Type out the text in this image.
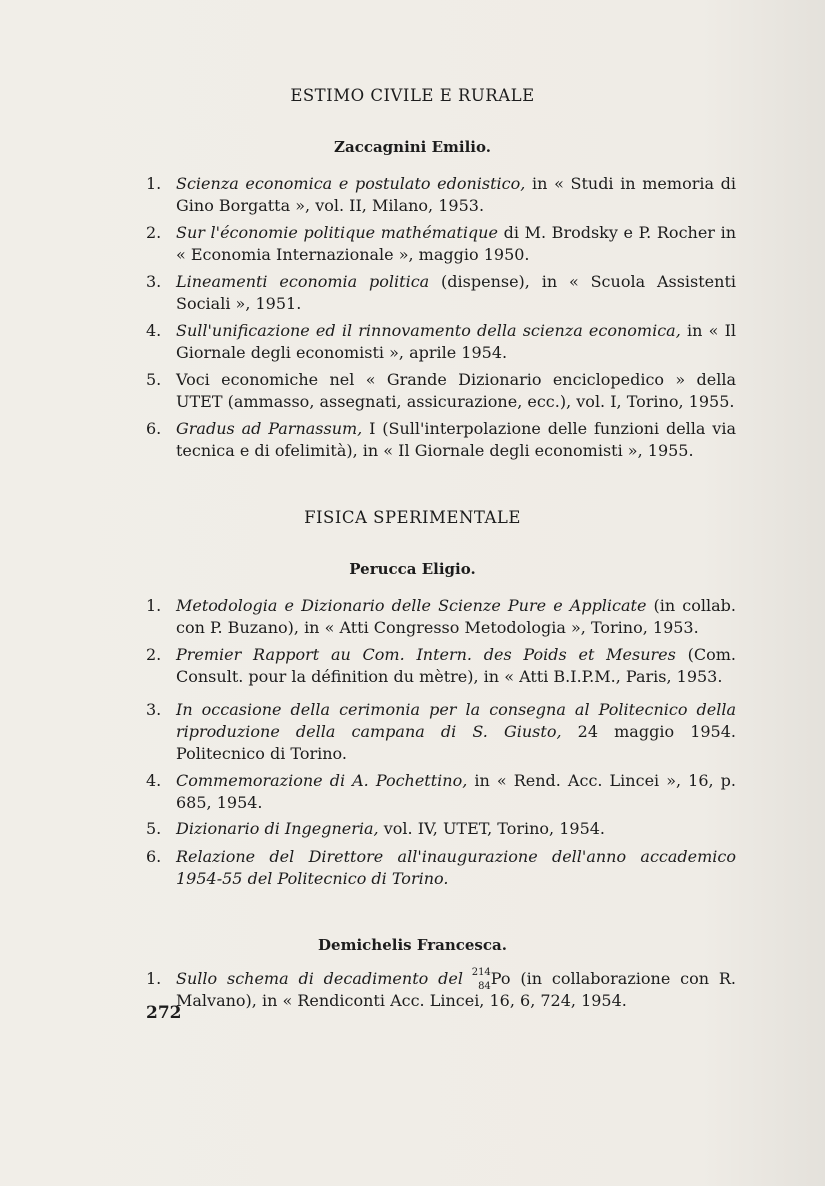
ESTIMO CIVILE E RURALE
Zaccagnini Emilio.
1. Scienza economica e postulato edonistico, in « Studi in memoria di Gino Borgatta », vol. II, Milano, 1953.
2. Sur l'économie politique mathématique di M. Brodsky e P. Rocher in « Economia Internazionale », maggio 1950.
3. Lineamenti economia politica (dispense), in « Scuola Assistenti Sociali », 1951.
4. Sull'unificazione ed il rinnovamento della scienza economica, in « Il Giornale degli economisti », aprile 1954.
5. Voci economiche nel « Grande Dizionario enciclopedico » della UTET (ammasso, assegnati, assicurazione, ecc.), vol. I, Torino, 1955.
6. Gradus ad Parnassum, I (Sull'interpolazione delle funzioni della via tecnica e di ofelimità), in « Il Giornale degli economisti », 1955.
FISICA SPERIMENTALE
Perucca Eligio.
1. Metodologia e Dizionario delle Scienze Pure e Applicate (in collab. con P. Buzano), in « Atti Congresso Metodologia », Torino, 1953.
2. Premier Rapport au Com. Intern. des Poids et Mesures (Com. Consult. pour la définition du mètre), in « Atti B.I.P.M., Paris, 1953.
3. In occasione della cerimonia per la consegna al Politecnico della riproduzione della campana di S. Giusto, 24 maggio 1954. Politecnico di Torino.
4. Commemorazione di A. Pochettino, in « Rend. Acc. Lincei », 16, p. 685, 1954.
5. Dizionario di Ingegneria, vol. IV, UTET, Torino, 1954.
6. Relazione del Direttore all'inaugurazione dell'anno accademico 1954-55 del Politecnico di Torino.
Demichelis Francesca.
1. Sullo schema di decadimento del 214
84 Po (in collaborazione con R. Malvano), in « Rendiconti Acc. Lincei, 16, 6, 724, 1954.
272
